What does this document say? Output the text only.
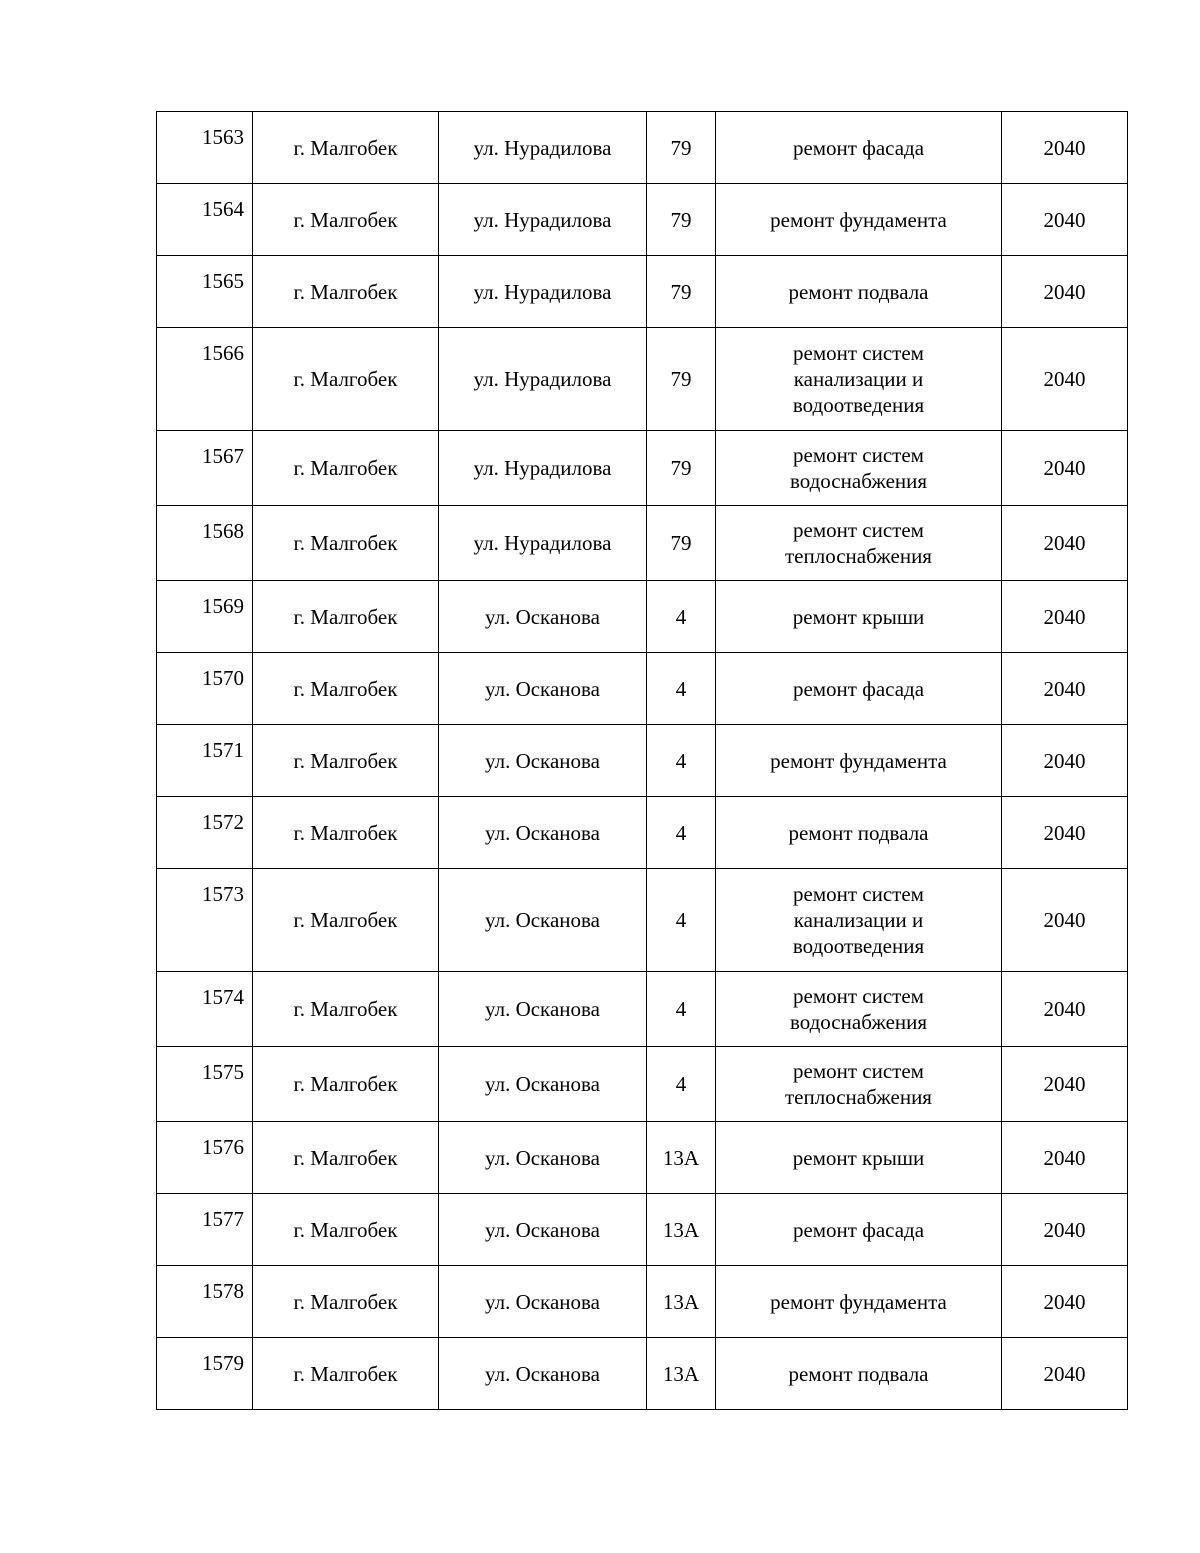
1563	г. Малгобек	ул. Нурадилова	79	ремонт фасада	2040
1564	г. Малгобек	ул. Нурадилова	79	ремонт фундамента	2040
1565	г. Малгобек	ул. Нурадилова	79	ремонт подвала	2040
1566	г. Малгобек	ул. Нурадилова	79	ремонт систем
канализации и
водоотведения	2040
1567	г. Малгобек	ул. Нурадилова	79	ремонт систем
водоснабжения	2040
1568	г. Малгобек	ул. Нурадилова	79	ремонт систем
теплоснабжения	2040
1569	г. Малгобек	ул. Осканова	4	ремонт крыши	2040
1570	г. Малгобек	ул. Осканова	4	ремонт фасада	2040
1571	г. Малгобек	ул. Осканова	4	ремонт фундамента	2040
1572	г. Малгобек	ул. Осканова	4	ремонт подвала	2040
1573	г. Малгобек	ул. Осканова	4	ремонт систем
канализации и
водоотведения	2040
1574	г. Малгобек	ул. Осканова	4	ремонт систем
водоснабжения	2040
1575	г. Малгобек	ул. Осканова	4	ремонт систем
теплоснабжения	2040
1576	г. Малгобек	ул. Осканова	13А	ремонт крыши	2040
1577	г. Малгобек	ул. Осканова	13А	ремонт фасада	2040
1578	г. Малгобек	ул. Осканова	13А	ремонт фундамента	2040
1579	г. Малгобек	ул. Осканова	13А	ремонт подвала	2040
